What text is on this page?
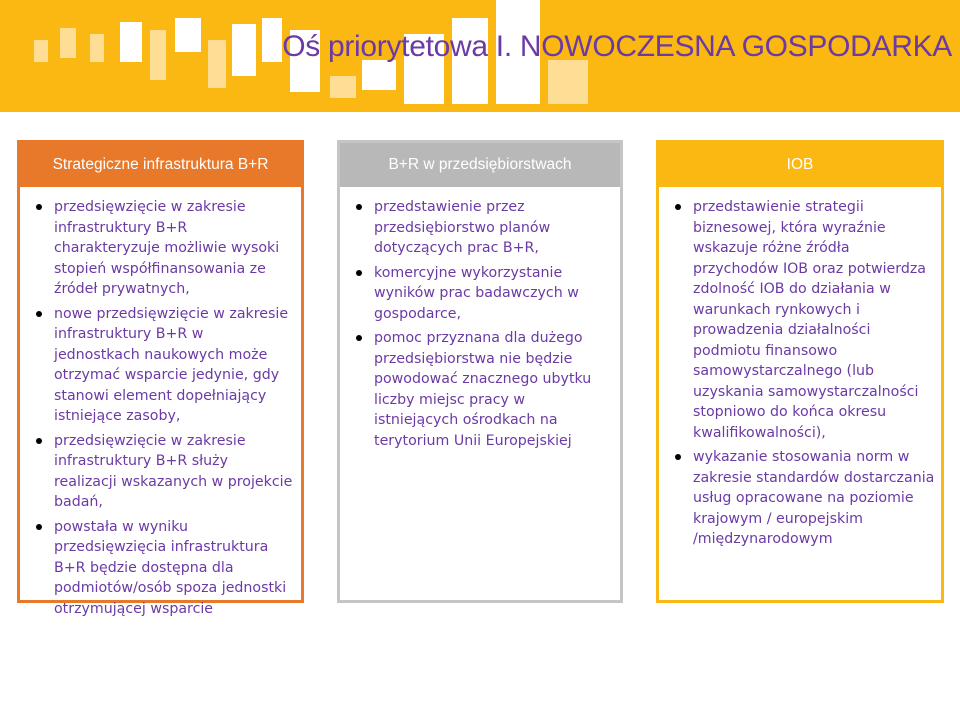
Oś priorytetowa I. NOWOCZESNA GOSPODARKA
Strategiczne infrastruktura B+R
przedsięwzięcie w zakresie infrastruktury B+R charakteryzuje możliwie wysoki stopień współfinansowania ze źródeł prywatnych,
nowe przedsięwzięcie w zakresie infrastruktury B+R w jednostkach naukowych może otrzymać wsparcie jedynie, gdy stanowi element dopełniający istniejące zasoby,
przedsięwzięcie w zakresie infrastruktury B+R służy realizacji wskazanych w projekcie badań,
powstała w wyniku przedsięwzięcia infrastruktura B+R będzie dostępna dla podmiotów/osób spoza jednostki otrzymującej wsparcie
B+R w przedsiębiorstwach
przedstawienie przez przedsiębiorstwo planów dotyczących prac B+R,
komercyjne wykorzystanie wyników prac badawczych w gospodarce,
pomoc przyznana dla dużego przedsiębiorstwa nie będzie powodować znacznego ubytku liczby miejsc pracy w istniejących ośrodkach na terytorium Unii Europejskiej
IOB
przedstawienie strategii biznesowej, która wyraźnie wskazuje różne źródła przychodów IOB oraz potwierdza zdolność IOB do działania w warunkach rynkowych i prowadzenia działalności podmiotu finansowo samowystarczalnego (lub uzyskania samowystarczalności stopniowo do końca okresu kwalifikowalności),
wykazanie stosowania norm w zakresie standardów dostarczania usług opracowane na poziomie krajowym / europejskim /międzynarodowym
